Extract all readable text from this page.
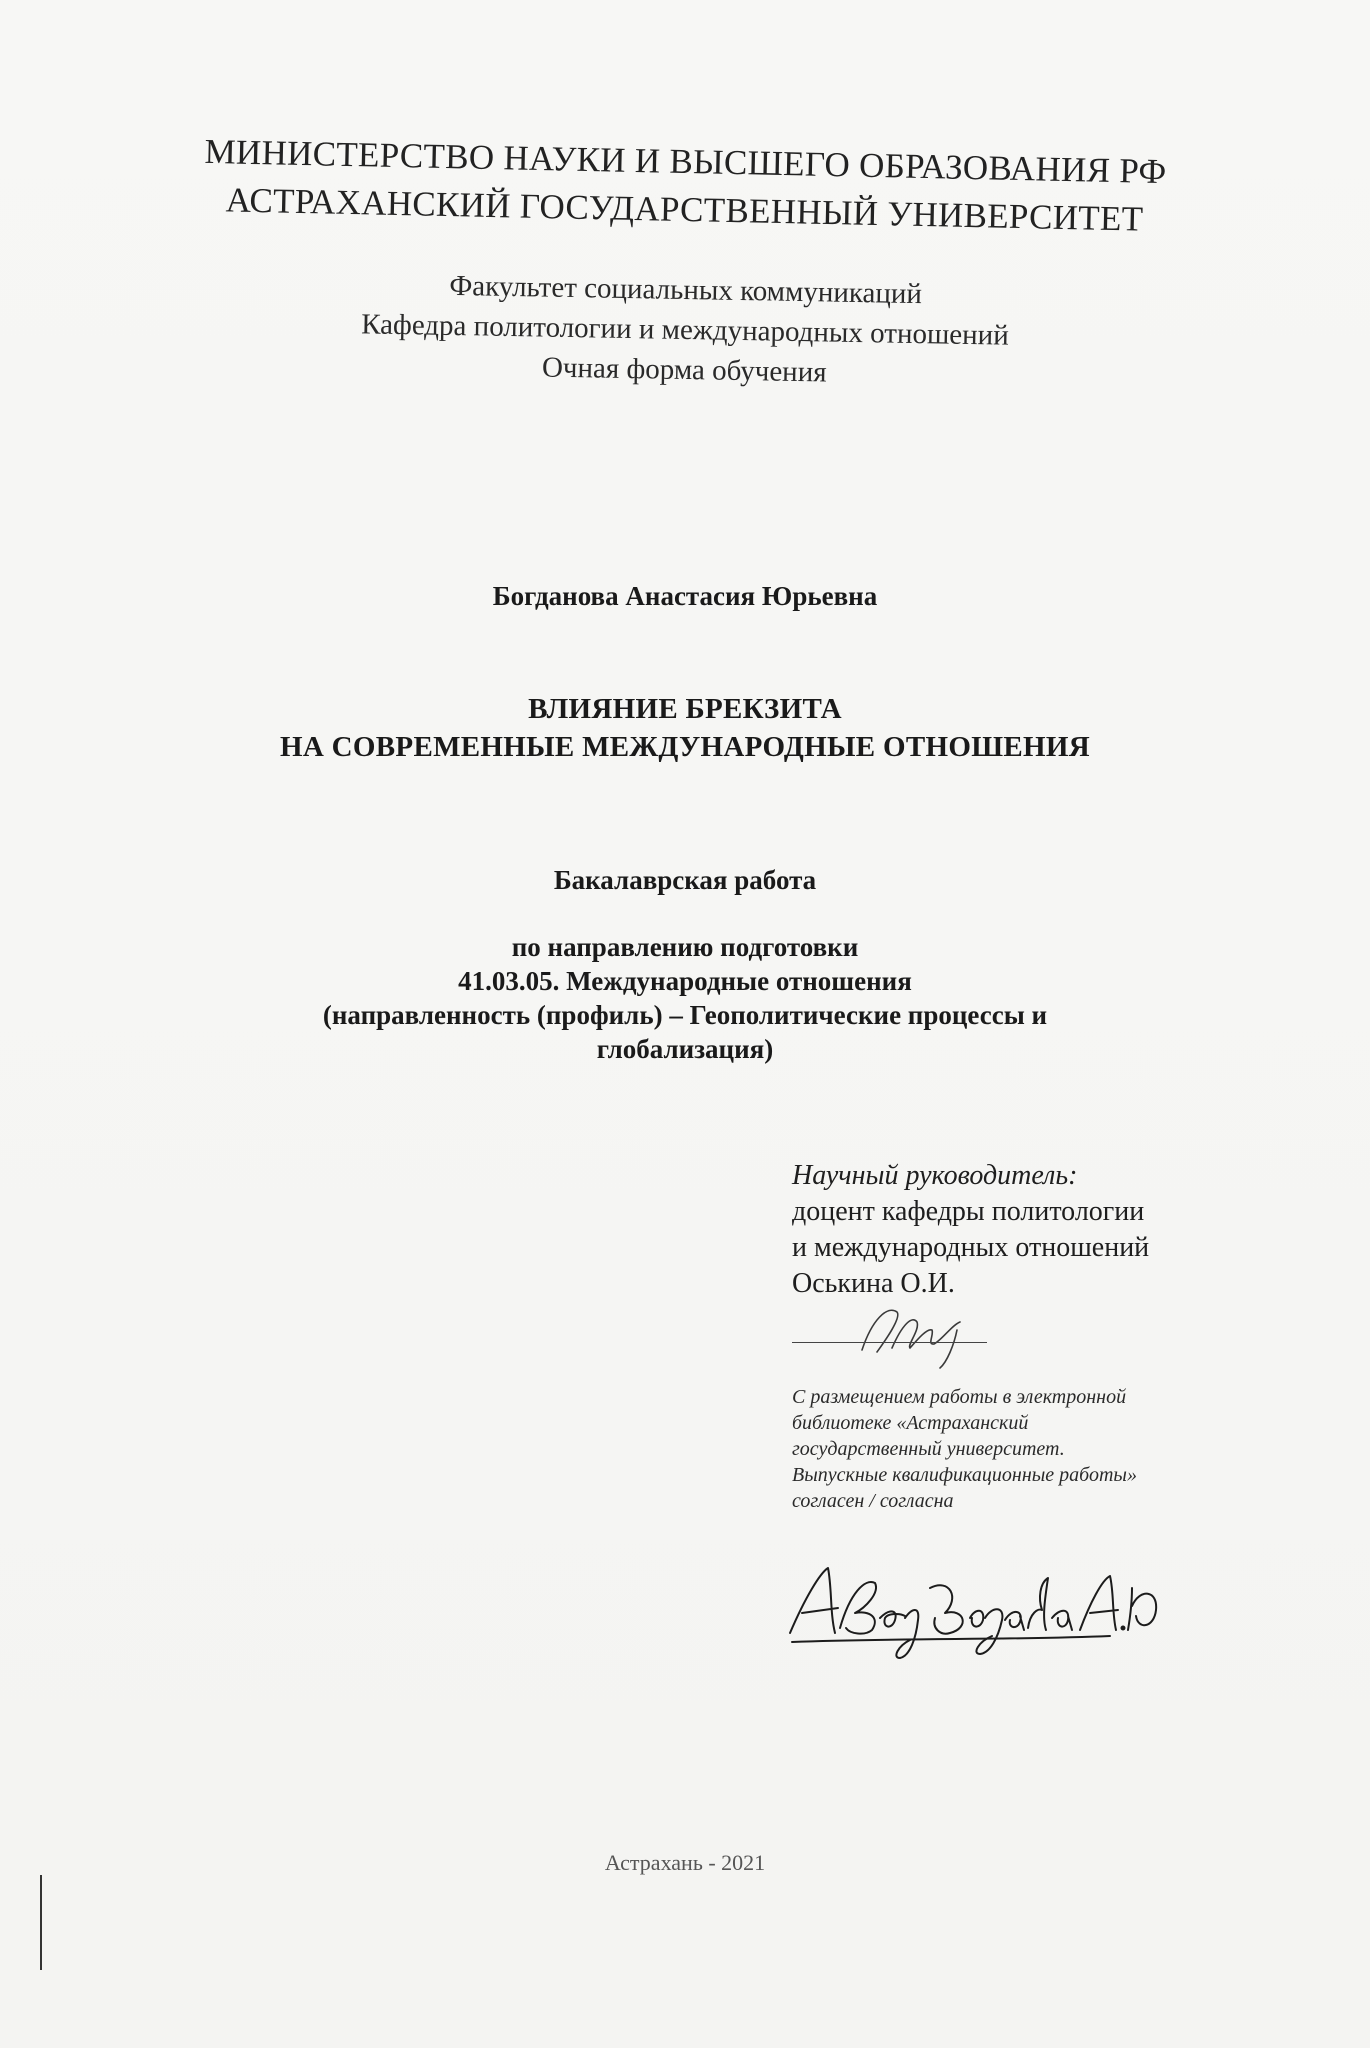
МИНИСТЕРСТВО НАУКИ И ВЫСШЕГО ОБРАЗОВАНИЯ РФ
АСТРАХАНСКИЙ ГОСУДАРСТВЕННЫЙ УНИВЕРСИТЕТ
Факультет социальных коммуникаций
Кафедра политологии и международных отношений
Очная форма обучения
Богданова Анастасия Юрьевна
ВЛИЯНИЕ БРЕКЗИТА
НА СОВРЕМЕННЫЕ МЕЖДУНАРОДНЫЕ ОТНОШЕНИЯ
Бакалаврская работа
по направлению подготовки
41.03.05. Международные отношения
(направленность (профиль) – Геополитические процессы и
глобализация)
Научный руководитель:
доцент кафедры политологии
и международных отношений
Оськина О.И.
С размещением работы в электронной
библиотеке «Астраханский
государственный университет.
Выпускные квалификационные работы»
согласен / согласна
Астрахань - 2021
